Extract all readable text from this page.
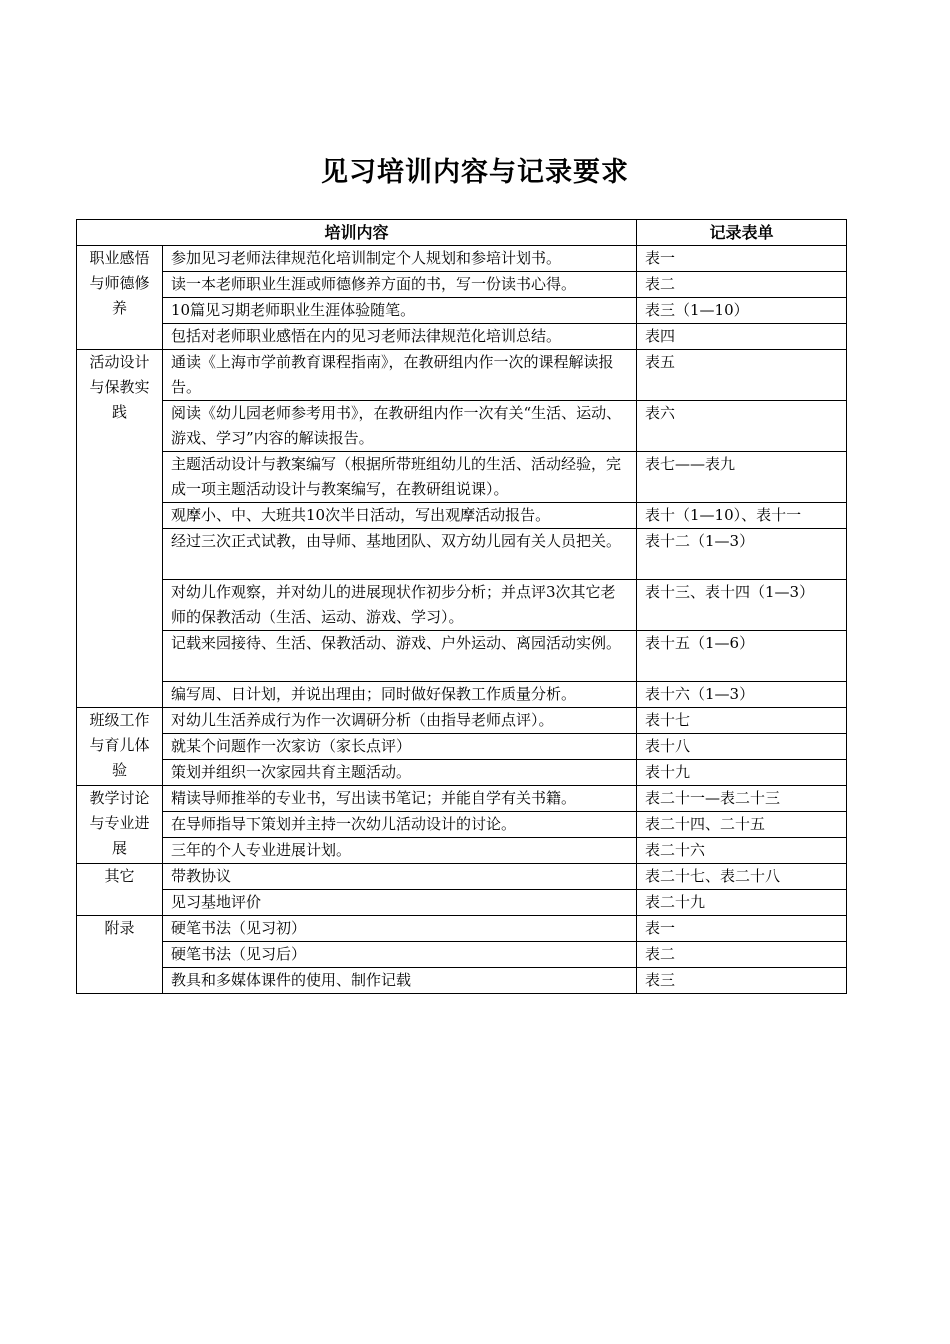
见习培训内容与记录要求
培训内容		记录表单
职业感悟与师德修养	参加见习老师法律规范化培训制定个人规划和参培计划书。	表一
	读一本老师职业生涯或师德修养方面的书，写一份读书心得。	表二
	10篇见习期老师职业生涯体验随笔。	表三（1—10）
	包括对老师职业感悟在内的见习老师法律规范化培训总结。	表四
活动设计与保教实践	通读《上海市学前教育课程指南》，在教研组内作一次的课程解读报告。	表五
	阅读《幼儿园老师参考用书》，在教研组内作一次有关“生活、运动、游戏、学习”内容的解读报告。	表六
	主题活动设计与教案编写（根据所带班组幼儿的生活、活动经验，完成一项主题活动设计与教案编写，在教研组说课）。	表七——表九
	观摩小、中、大班共10次半日活动，写出观摩活动报告。	表十（1—10）、表十一
	经过三次正式试教，由导师、基地团队、双方幼儿园有关人员把关。	表十二（1—3）
	对幼儿作观察，并对幼儿的进展现状作初步分析；并点评3次其它老师的保教活动（生活、运动、游戏、学习）。	表十三、表十四（1—3）
	记载来园接待、生活、保教活动、游戏、户外运动、离园活动实例。	表十五（1—6）
	编写周、日计划，并说出理由；同时做好保教工作质量分析。	表十六（1—3）
班级工作与育儿体验	对幼儿生活养成行为作一次调研分析（由指导老师点评）。	表十七
	就某个问题作一次家访（家长点评）	表十八
	策划并组织一次家园共育主题活动。	表十九
教学讨论与专业进展	精读导师推举的专业书，写出读书笔记；并能自学有关书籍。	表二十一—表二十三
	在导师指导下策划并主持一次幼儿活动设计的讨论。	表二十四、二十五
	三年的个人专业进展计划。	表二十六
其它	带教协议	表二十七、表二十八
	见习基地评价	表二十九
附录	硬笔书法（见习初）	表一
	硬笔书法（见习后）	表二
	教具和多媒体课件的使用、制作记载	表三
